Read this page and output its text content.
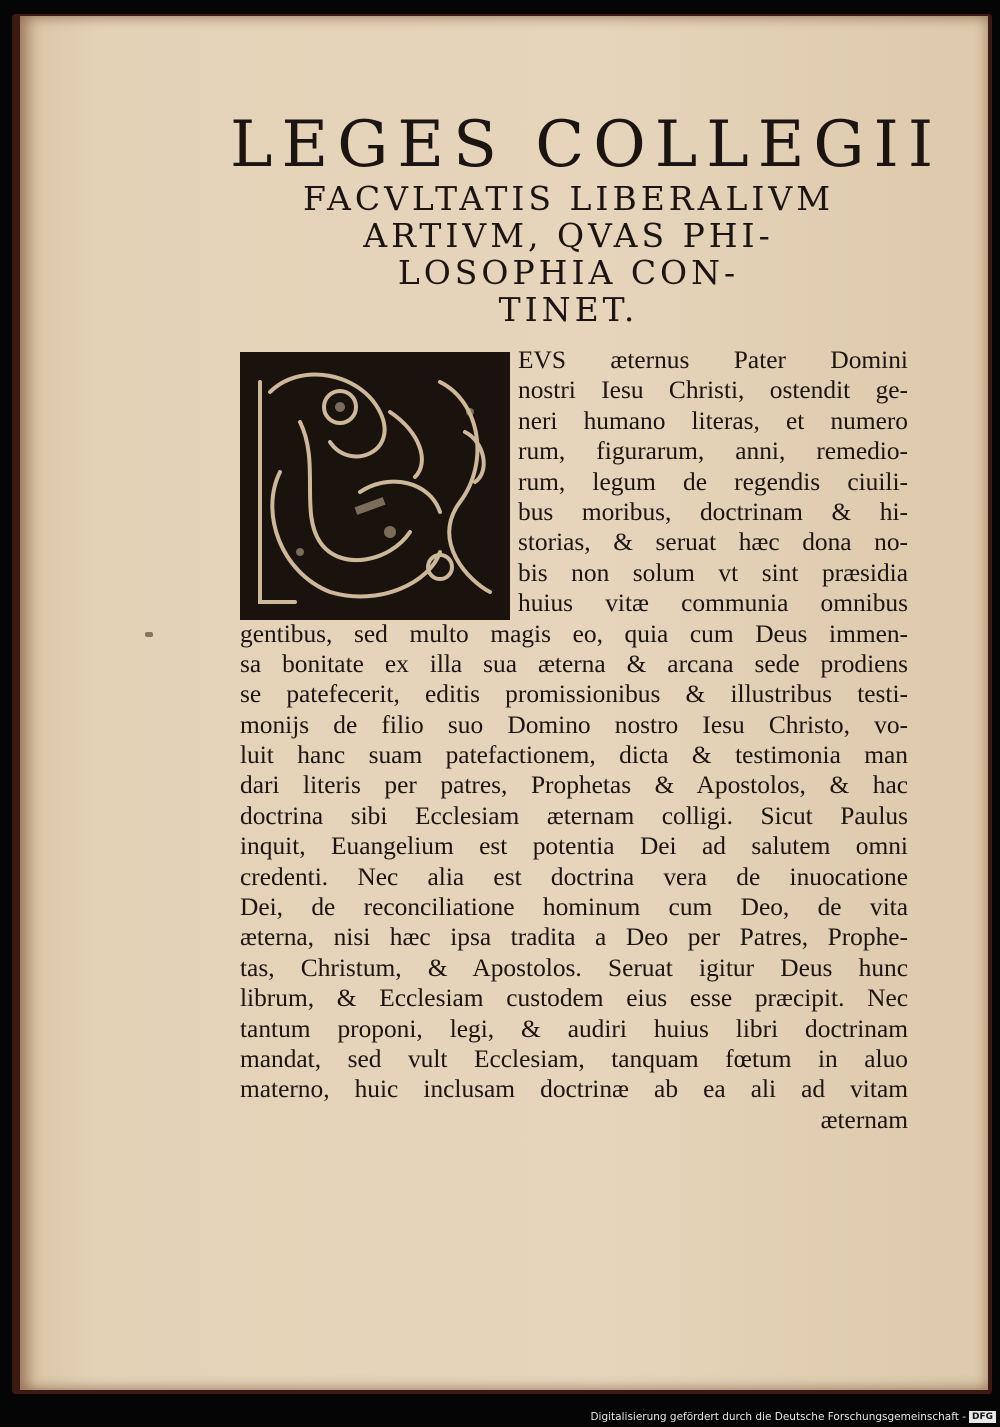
LEGES COLLEGII
FACVLTATIS LIBERALIVM
ARTIVM, QVAS PHI-
LOSOPHIA CON-
TINET.
EVS æternus Pater Domini
nostri Iesu Christi, ostendit ge-
neri humano literas, et numero
rum, figurarum, anni, remedio-
rum, legum de regendis ciuili-
bus moribus, doctrinam & hi-
storias, & seruat hæc dona no-
bis non solum vt sint præsidia
huius vitæ communia omnibus
gentibus, sed multo magis eo, quia cum Deus immen-
sa bonitate ex illa sua æterna & arcana sede prodiens
se patefecerit, editis promissionibus & illustribus testi-
monijs de filio suo Domino nostro Iesu Christo, vo-
luit hanc suam patefactionem, dicta & testimonia man
dari literis per patres, Prophetas & Apostolos, & hac
doctrina sibi Ecclesiam æternam colligi. Sicut Paulus
inquit, Euangelium est potentia Dei ad salutem omni
credenti. Nec alia est doctrina vera de inuocatione
Dei, de reconciliatione hominum cum Deo, de vita
æterna, nisi hæc ipsa tradita a Deo per Patres, Prophe-
tas, Christum, & Apostolos. Seruat igitur Deus hunc
librum, & Ecclesiam custodem eius esse præcipit. Nec
tantum proponi, legi, & audiri huius libri doctrinam
mandat, sed vult Ecclesiam, tanquam fœtum in aluo
materno, huic inclusam doctrinæ ab ea ali ad vitam
æternam
Digitalisierung gefördert durch die Deutsche Forschungsgemeinschaft - DFG
